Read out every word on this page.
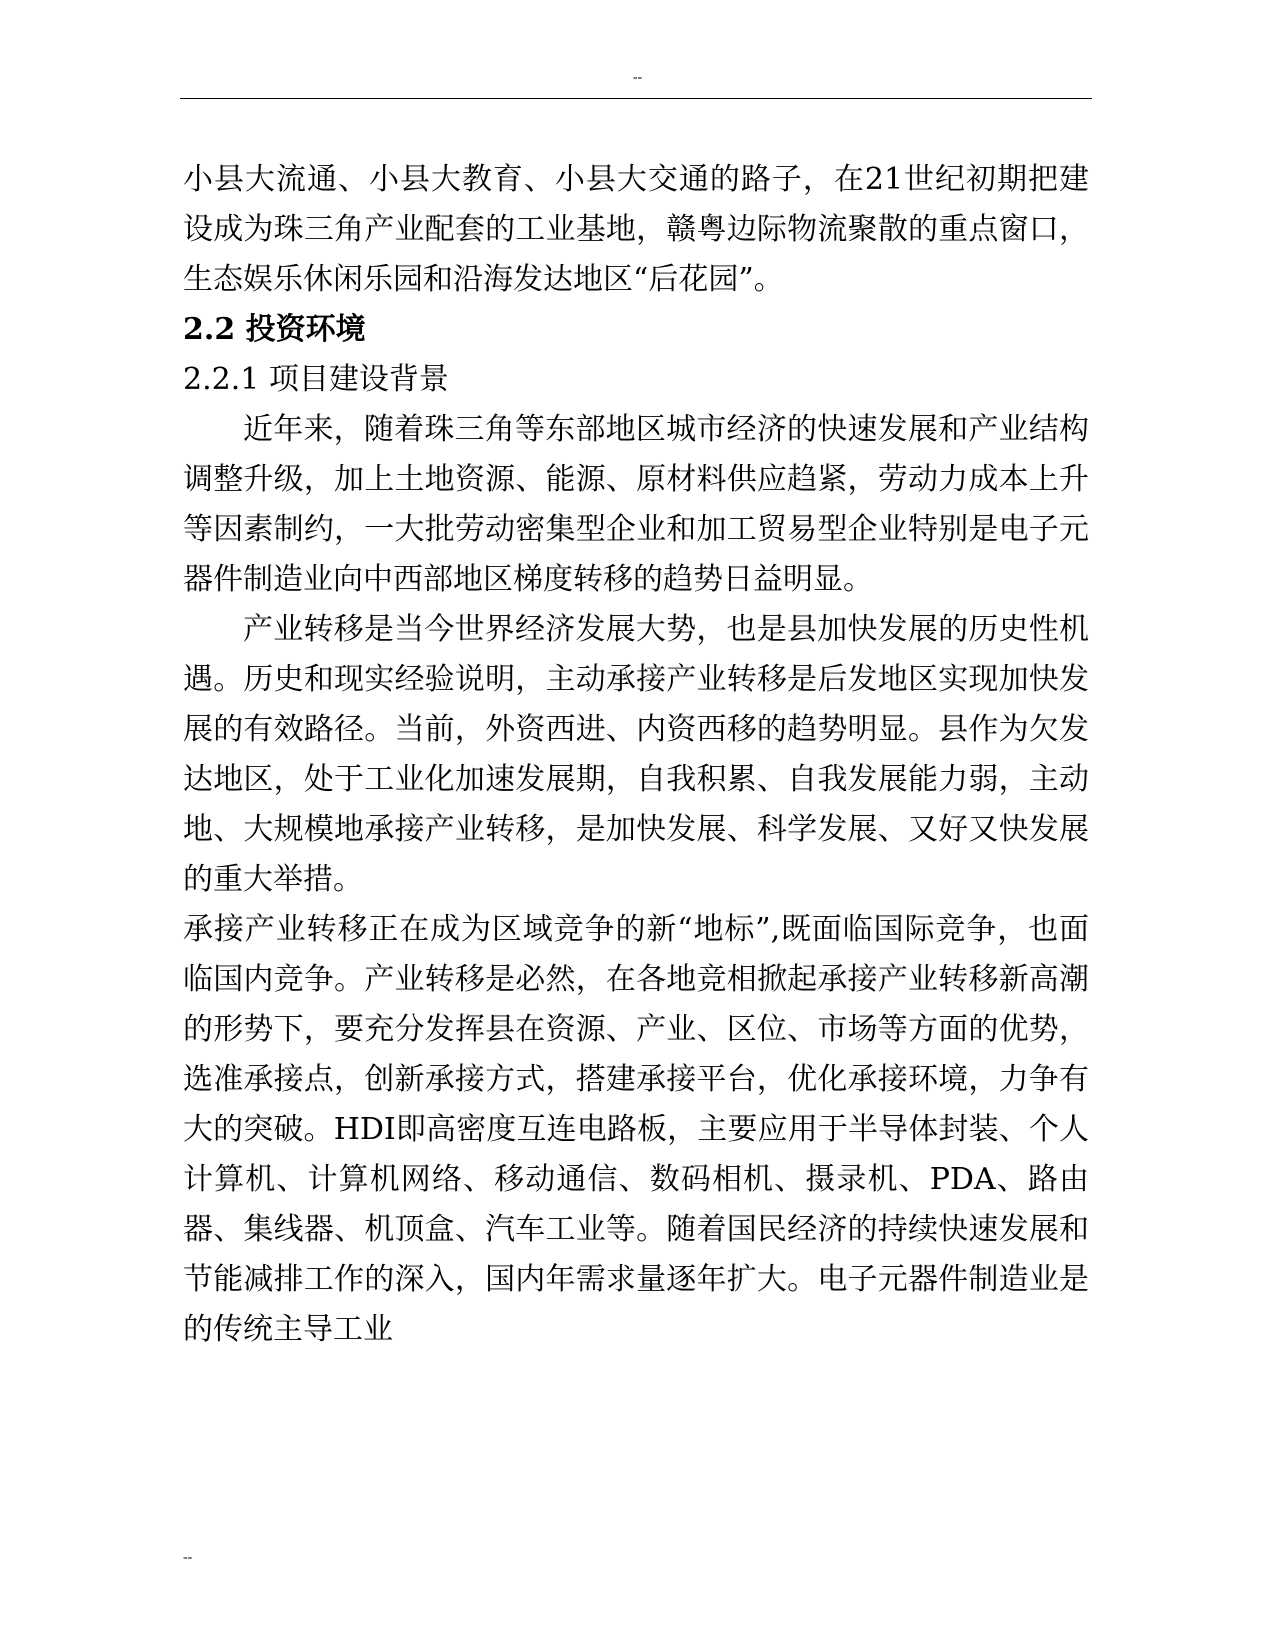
--

小县大流通、小县大教育、小县大交通的路子，在21世纪初期把建设成为珠三角产业配套的工业基地，赣粤边际物流聚散的重点窗口，生态娱乐休闲乐园和沿海发达地区“后花园”。

2.2 投资环境
2.2.1 项目建设背景

近年来，随着珠三角等东部地区城市经济的快速发展和产业结构调整升级，加上土地资源、能源、原材料供应趋紧，劳动力成本上升等因素制约，一大批劳动密集型企业和加工贸易型企业特别是电子元器件制造业向中西部地区梯度转移的趋势日益明显。

产业转移是当今世界经济发展大势，也是县加快发展的历史性机遇。历史和现实经验说明，主动承接产业转移是后发地区实现加快发展的有效路径。当前，外资西进、内资西移的趋势明显。县作为欠发达地区，处于工业化加速发展期，自我积累、自我发展能力弱，主动地、大规模地承接产业转移，是加快发展、科学发展、又好又快发展的重大举措。

承接产业转移正在成为区域竞争的新“地标”,既面临国际竞争，也面临国内竞争。产业转移是必然，在各地竞相掀起承接产业转移新高潮的形势下，要充分发挥县在资源、产业、区位、市场等方面的优势，选准承接点，创新承接方式，搭建承接平台，优化承接环境，力争有大的突破。HDI即高密度互连电路板，主要应用于半导体封装、个人计算机、计算机网络、移动通信、数码相机、摄录机、PDA、路由器、集线器、机顶盒、汽车工业等。随着国民经济的持续快速发展和节能减排工作的深入，国内年需求量逐年扩大。电子元器件制造业是的传统主导工业

--
